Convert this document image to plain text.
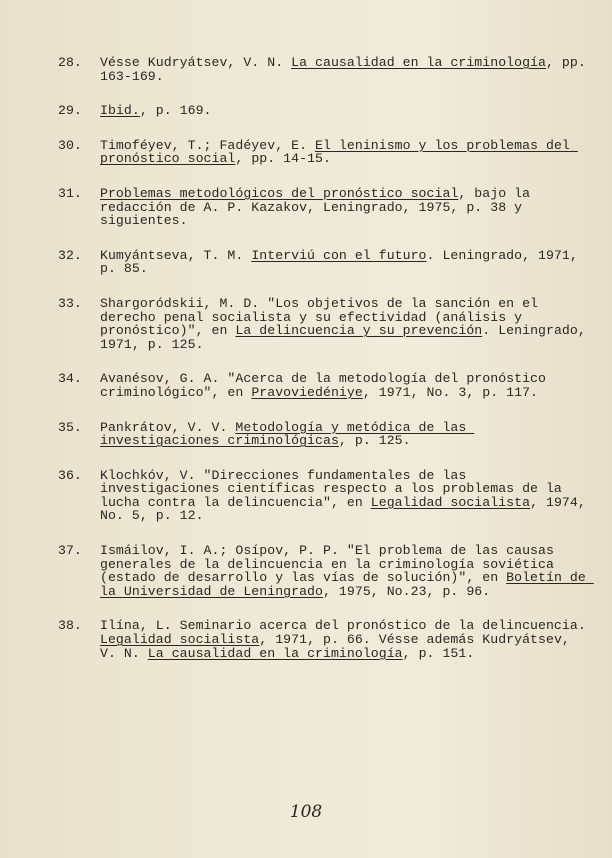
28.	Vésse Kudryátsev, V. N. La causalidad en la criminología, pp. 163-169.
29.	Ibid., p. 169.
30.	Timoféyev, T.; Fadéyev, E. El leninismo y los problemas del pronóstico social, pp. 14-15.
31.	Problemas metodológicos del pronóstico social, bajo la redacción de A. P. Kazakov, Leningrado, 1975, p. 38 y siguientes.
32.	Kumyántseva, T. M. Interviú con el futuro. Leningrado, 1971, p. 85.
33.	Shargoródskii, M. D. "Los objetivos de la sanción en el derecho penal socialista y su efectividad (análisis y pronóstico)", en La delincuencia y su prevención. Leningrado, 1971, p. 125.
34.	Avanésov, G. A. "Acerca de la metodología del pronóstico criminológico", en Pravoviedéniye, 1971, No. 3, p. 117.
35.	Pankrátov, V. V. Metodología y metódica de las investigaciones criminológicas, p. 125.
36.	Klochkóv, V. "Direcciones fundamentales de las investigaciones científicas respecto a los problemas de la lucha contra la delincuencia", en Legalidad socialista, 1974, No. 5, p. 12.
37.	Ismáilov, I. A.; Osípov, P. P. "El problema de las causas generales de la delincuencia en la criminología soviética (estado de desarrollo y las vías de solución)", en Boletín de la Universidad de Leningrado, 1975, No.23, p. 96.
38.	Ilína, L. Seminario acerca del pronóstico de la delincuencia. Legalidad socialista, 1971, p. 66. Vésse además Kudryátsev, V. N. La causalidad en la criminología, p. 151.
108
